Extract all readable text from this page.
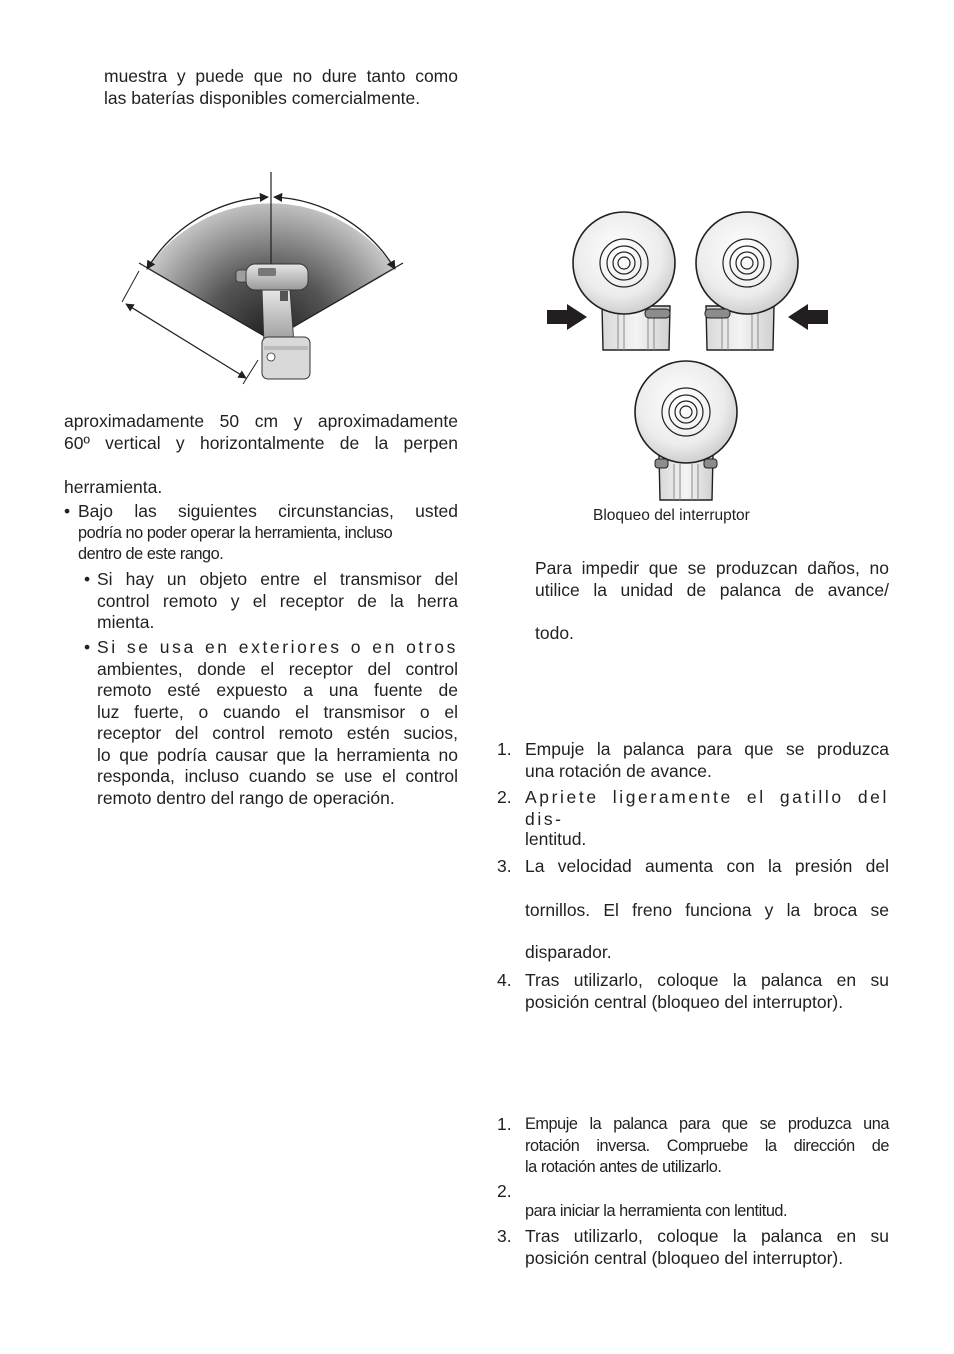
muestra y puede que no dure tanto como
las baterías disponibles comercialmente.
aproximadamente 50 cm y aproximadamente
60º vertical y horizontalmente de la perpen
herramienta.
• Bajo las siguientes circunstancias, usted
podría no poder operar la herramienta, incluso
dentro de este rango.
• Si hay un objeto entre el transmisor del
control remoto y el receptor de la herra
mienta.
• Si se usa en exteriores o en otros
ambientes, donde el receptor del control
remoto esté expuesto a una fuente de
luz fuerte, o cuando el transmisor o el
receptor del control remoto estén sucios,
lo que podría causar que la herramienta no
responda, incluso cuando se use el control
remoto dentro del rango de operación.
Bloqueo del interruptor
Para impedir que se produzcan daños, no
utilice la unidad de palanca de avance/
todo.
1. Empuje la palanca para que se produzca
una rotación de avance.
2. Apriete ligeramente el gatillo del dis-
lentitud.
3. La velocidad aumenta con la presión del
tornillos. El freno funciona y la broca se
disparador.
4. Tras utilizarlo, coloque la palanca en su
posición central (bloqueo del interruptor).
1. Empuje la palanca para que se produzca una
rotación inversa. Compruebe la dirección de
la rotación antes de utilizarlo.
2.
para iniciar la herramienta con lentitud.
3. Tras utilizarlo, coloque la palanca en su
posición central (bloqueo del interruptor).
